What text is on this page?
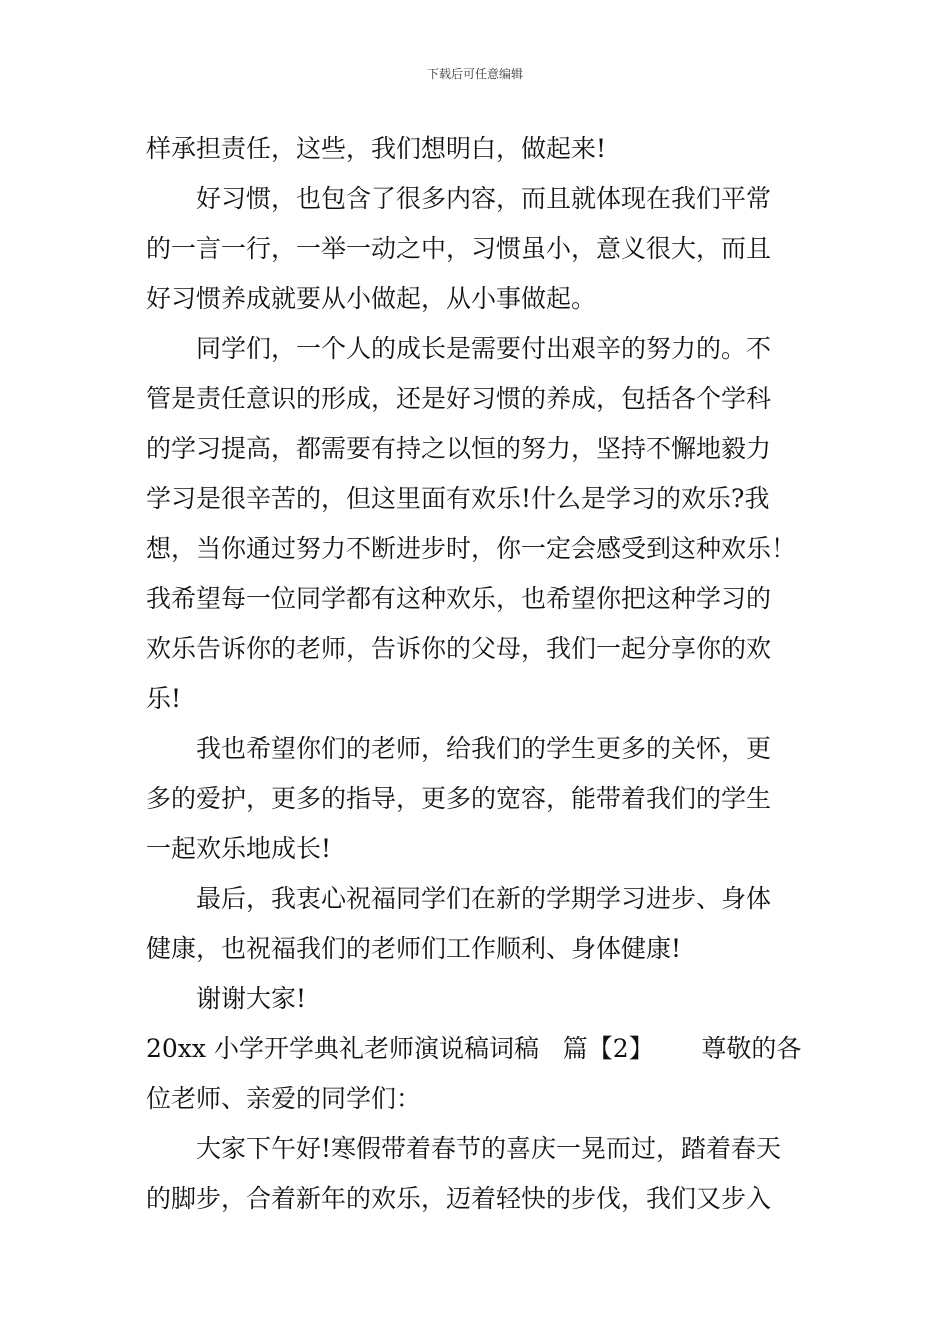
下载后可任意编辑
样承担责任，这些，我们想明白，做起来!
好习惯，也包含了很多内容，而且就体现在我们平常
的一言一行，一举一动之中，习惯虽小，意义很大，而且
好习惯养成就要从小做起，从小事做起。
同学们，一个人的成长是需要付出艰辛的努力的。不
管是责任意识的形成，还是好习惯的养成，包括各个学科
的学习提高，都需要有持之以恒的努力，坚持不懈地毅力
学习是很辛苦的，但这里面有欢乐!什么是学习的欢乐?我
想，当你通过努力不断进步时，你一定会感受到这种欢乐！
我希望每一位同学都有这种欢乐，也希望你把这种学习的
欢乐告诉你的老师，告诉你的父母，我们一起分享你的欢
乐!
我也希望你们的老师，给我们的学生更多的关怀，更
多的爱护，更多的指导，更多的宽容，能带着我们的学生
一起欢乐地成长!
最后，我衷心祝福同学们在新的学期学习进步、身体
健康，也祝福我们的老师们工作顺利、身体健康!
谢谢大家!
20xx 小学开学典礼老师演说稿词稿   篇【2】      尊敬的各
位老师、亲爱的同学们：
大家下午好!寒假带着春节的喜庆一晃而过，踏着春天
的脚步，合着新年的欢乐，迈着轻快的步伐，我们又步入
